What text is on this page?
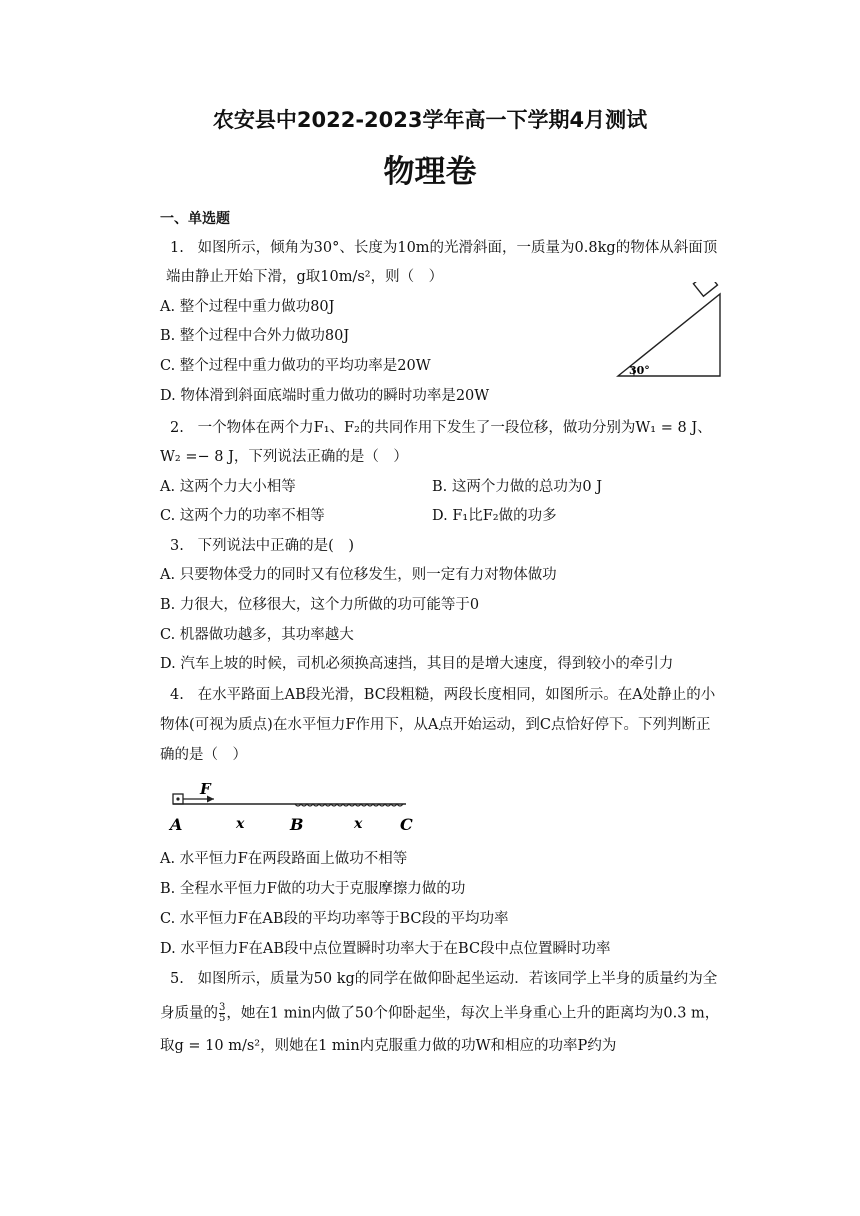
农安县中2022-2023学年高一下学期4月测试
物理卷
一、单选题
1.   如图所示，倾角为30°、长度为10m的光滑斜面，一质量为0.8kg的物体从斜面顶
端由静止开始下滑，g取10m/s²，则（　）
A. 整个过程中重力做功80J
B. 整个过程中合外力做功80J
C. 整个过程中重力做功的平均功率是20W
D. 物体滑到斜面底端时重力做功的瞬时功率是20W
30°
2.   一个物体在两个力F₁、F₂的共同作用下发生了一段位移，做功分别为W₁ = 8 J、
W₂ =− 8 J，下列说法正确的是（　）
A. 这两个力大小相等	B. 这两个力做的总功为0 J
C. 这两个力的功率不相等	D. F₁比F₂做的功多
3.   下列说法中正确的是(　)
A. 只要物体受力的同时又有位移发生，则一定有力对物体做功
B. 力很大，位移很大，这个力所做的功可能等于0
C. 机器做功越多，其功率越大
D. 汽车上坡的时候，司机必须换高速挡，其目的是增大速度，得到较小的牵引力
4.   在水平路面上AB段光滑，BC段粗糙，两段长度相同，如图所示。在A处静止的小
物体(可视为质点)在水平恒力F作用下，从A点开始运动，到C点恰好停下。下列判断正
确的是（　）
F
A	x	B	x C
A. 水平恒力F在两段路面上做功不相等
B. 全程水平恒力F做的功大于克服摩擦力做的功
C. 水平恒力F在AB段的平均功率等于BC段的平均功率
D. 水平恒力F在AB段中点位置瞬时功率大于在BC段中点位置瞬时功率
5.   如图所示，质量为50 kg的同学在做仰卧起坐运动．若该同学上半身的质量约为全
身质量的 $\frac{3}{5}$ ，她在1 min内做了50个仰卧起坐，每次上半身重心上升的距离均为0.3 m，
取g = 10 m/s²，则她在1 min内克服重力做的功W和相应的功率P约为
